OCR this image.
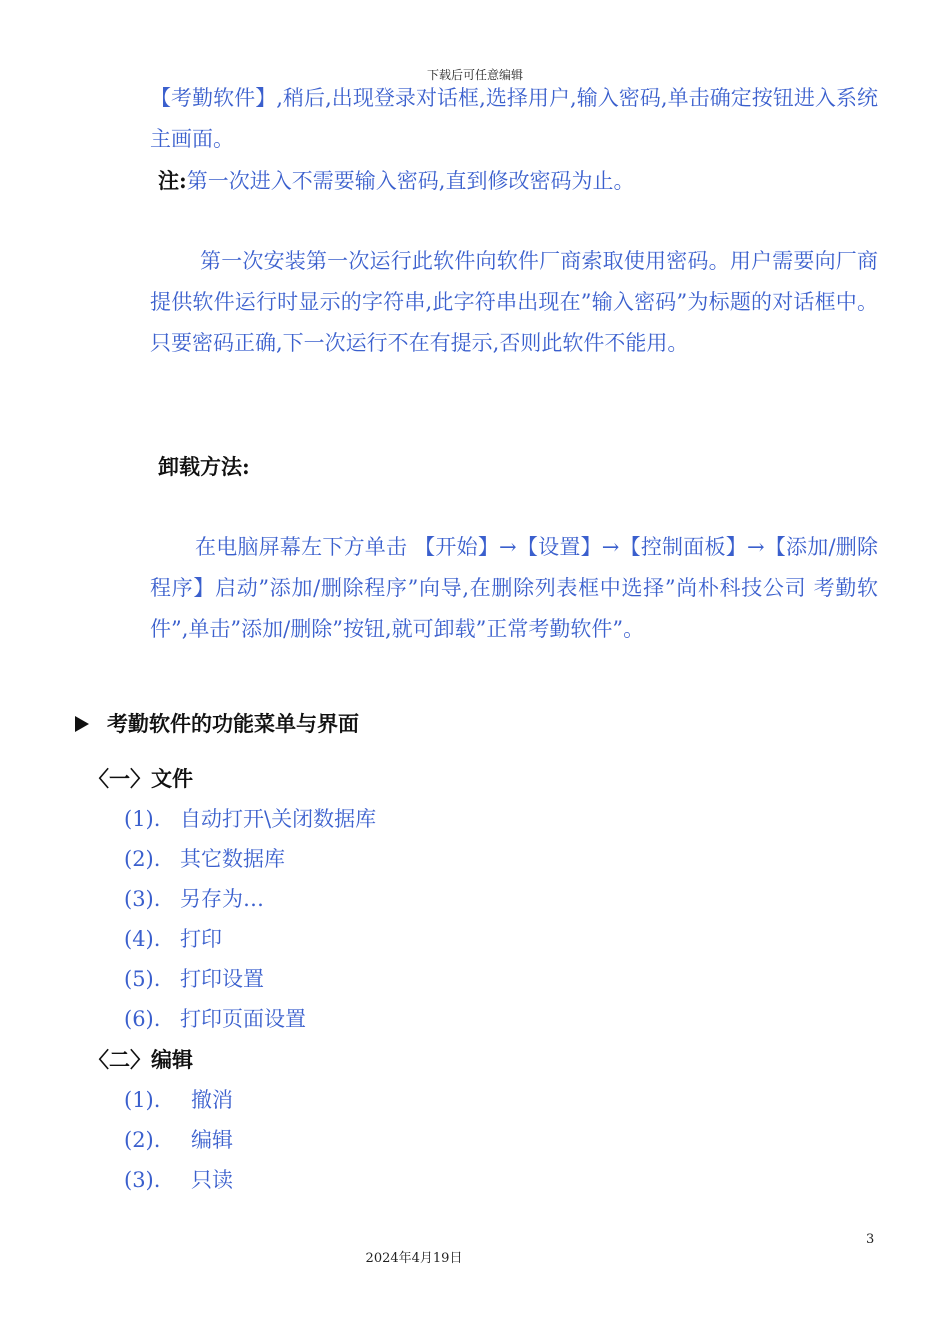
下载后可任意编辑
【考勤软件】,稍后,出现登录对话框,选择用户,输入密码,单击确定按钮进入系统主画面。
注:第一次进入不需要输入密码,直到修改密码为止。
第一次安装第一次运行此软件向软件厂商索取使用密码。用户需要向厂商提供软件运行时显示的字符串,此字符串出现在”输入密码”为标题的对话框中。只要密码正确,下一次运行不在有提示,否则此软件不能用。
卸载方法:
在电脑屏幕左下方单击 【开始】→【设置】→【控制面板】→【添加/删除程序】启动”添加/删除程序”向导,在删除列表框中选择”尚朴科技公司 考勤软件”,单击”添加/删除”按钮,就可卸载”正常考勤软件”。
考勤软件的功能菜单与界面
〈一〉文件
(1). 自动打开\关闭数据库
(2). 其它数据库
(3). 另存为…
(4). 打印
(5). 打印设置
(6). 打印页面设置
〈二〉编辑
(1). 撤消
(2). 编辑
(3). 只读
3
2024年4月19日
